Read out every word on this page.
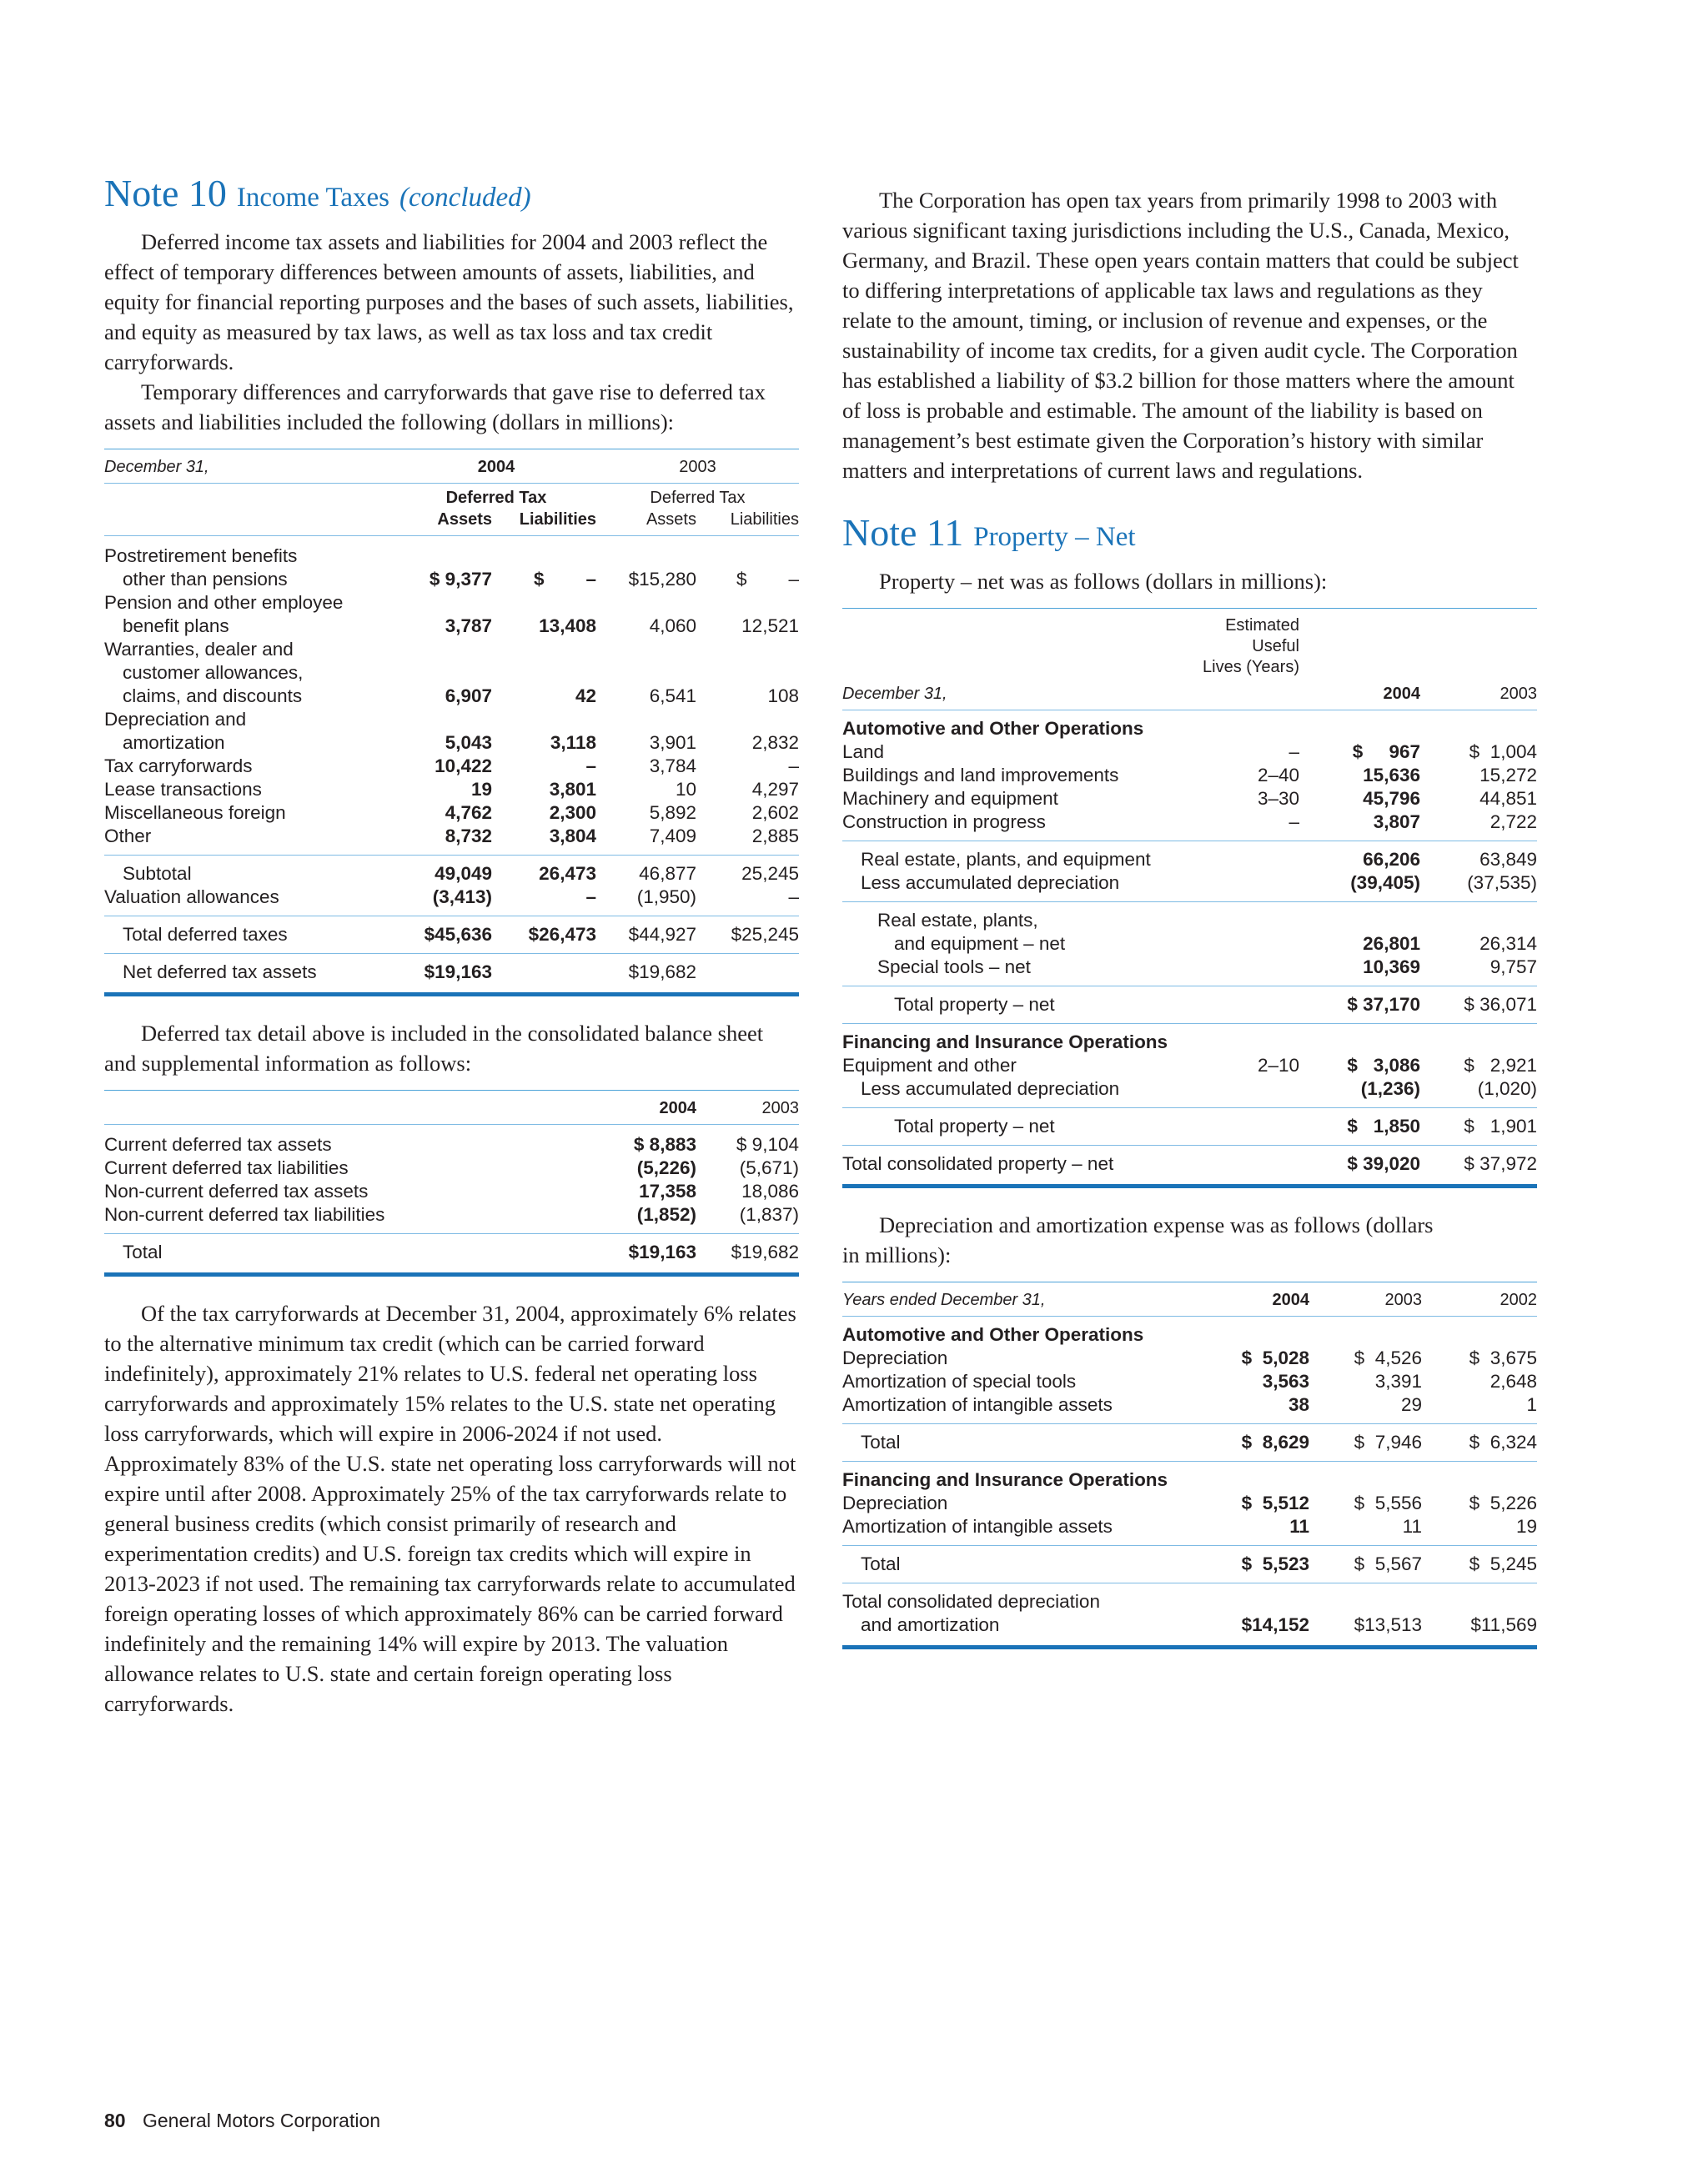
Note 10 Income Taxes (concluded)

Deferred income tax assets and liabilities for 2004 and 2003 reflect the effect of temporary differences between amounts of assets, liabilities, and equity for financial reporting purposes and the bases of such assets, liabilities, and equity as measured by tax laws, as well as tax loss and tax credit carryforwards.

Temporary differences and carryforwards that gave rise to deferred tax assets and liabilities included the following (dollars in millions):

December 31,	2004		2003	
	Deferred Tax		Deferred Tax	
	Assets	Liabilities	Assets	Liabilities

Postretirement benefits				
other than pensions	$ 9,377	$        –	$15,280	$        –
Pension and other employee				
benefit plans	3,787	13,408	4,060	12,521
Warranties, dealer and				
customer allowances,				
claims, and discounts	6,907	42	6,541	108
Depreciation and				
amortization	5,043	3,118	3,901	2,832
Tax carryforwards	10,422	–	3,784	–
Lease transactions	19	3,801	10	4,297
Miscellaneous foreign	4,762	2,300	5,892	2,602
Other	8,732	3,804	7,409	2,885
Subtotal	49,049	26,473	46,877	25,245
Valuation allowances	(3,413)	–	(1,950)	–
Total deferred taxes	$45,636	$26,473	$44,927	$25,245
Net deferred tax assets	$19,163		$19,682	

Deferred tax detail above is included in the consolidated balance sheet and supplemental information as follows:

	2004	2003

Current deferred tax assets	$ 8,883	$ 9,104
Current deferred tax liabilities	(5,226)	(5,671)
Non-current deferred tax assets	17,358	18,086
Non-current deferred tax liabilities	(1,852)	(1,837)
Total	$19,163	$19,682

Of the tax carryforwards at December 31, 2004, approximately 6% relates to the alternative minimum tax credit (which can be carried forward indefinitely), approximately 21% relates to U.S. federal net operating loss carryforwards and approximately 15% relates to the U.S. state net operating loss carryforwards, which will expire in 2006-2024 if not used. Approximately 83% of the U.S. state net operating loss carryforwards will not expire until after 2008. Approximately 25% of the tax carryforwards relate to general business credits (which consist primarily of research and experimentation credits) and U.S. foreign tax credits which will expire in 2013-2023 if not used. The remaining tax carryforwards relate to accumulated foreign operating losses of which approximately 86% can be carried forward indefinitely and the remaining 14% will expire by 2013. The valuation allowance relates to U.S. state and certain foreign operating loss carryforwards.

The Corporation has open tax years from primarily 1998 to 2003 with various significant taxing jurisdictions including the U.S., Canada, Mexico, Germany, and Brazil. These open years contain matters that could be subject to differing interpretations of applicable tax laws and regulations as they relate to the amount, timing, or inclusion of revenue and expenses, or the sustainability of income tax credits, for a given audit cycle. The Corporation has established a liability of $3.2 billion for those matters where the amount of loss is probable and estimable. The amount of the liability is based on management’s best estimate given the Corporation’s history with similar matters and interpretations of current laws and regulations.

Note 11 Property – Net

Property – net was as follows (dollars in millions):

	Estimated
Useful
Lives (Years)		

December 31,		2004	2003

Automotive and Other Operations			
Land	–	$     967	$  1,004
Buildings and land improvements	2–40	15,636	15,272
Machinery and equipment	3–30	45,796	44,851
Construction in progress	–	3,807	2,722
Real estate, plants, and equipment		66,206	63,849
Less accumulated depreciation		(39,405)	(37,535)
Real estate, plants,			
and equipment – net		26,801	26,314
Special tools – net		10,369	9,757
Total property – net		$ 37,170	$ 36,071
Financing and Insurance Operations			
Equipment and other	2–10	$   3,086	$   2,921
Less accumulated depreciation		(1,236)	(1,020)
Total property – net		$   1,850	$   1,901
Total consolidated property – net		$ 39,020	$ 37,972

Depreciation and amortization expense was as follows (dollars in millions):

Years ended December 31,	2004	2003	2002

Automotive and Other Operations			
Depreciation	$  5,028	$  4,526	$  3,675
Amortization of special tools	3,563	3,391	2,648
Amortization of intangible assets	38	29	1
Total	$  8,629	$  7,946	$  6,324
Financing and Insurance Operations			
Depreciation	$  5,512	$  5,556	$  5,226
Amortization of intangible assets	11	11	19
Total	$  5,523	$  5,567	$  5,245
Total consolidated depreciation			
and amortization	$14,152	$13,513	$11,569
80 General Motors Corporation
